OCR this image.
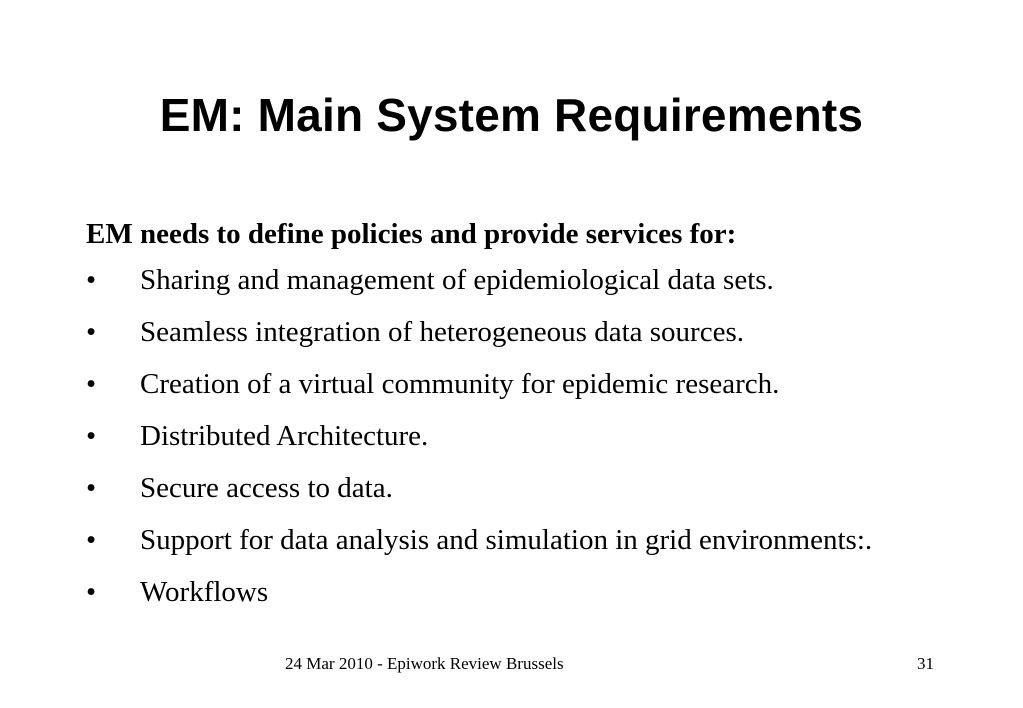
EM: Main System Requirements
EM needs to define policies and provide services for:
•	Sharing and management of epidemiological data sets.
•	Seamless integration of heterogeneous data sources.
•	Creation of a virtual community for epidemic research.
•	Distributed Architecture.
•	Secure access to data.
•	Support for data analysis and simulation in grid environments:.
•	Workflows
24 Mar 2010 - Epiwork Review Brussels	31
